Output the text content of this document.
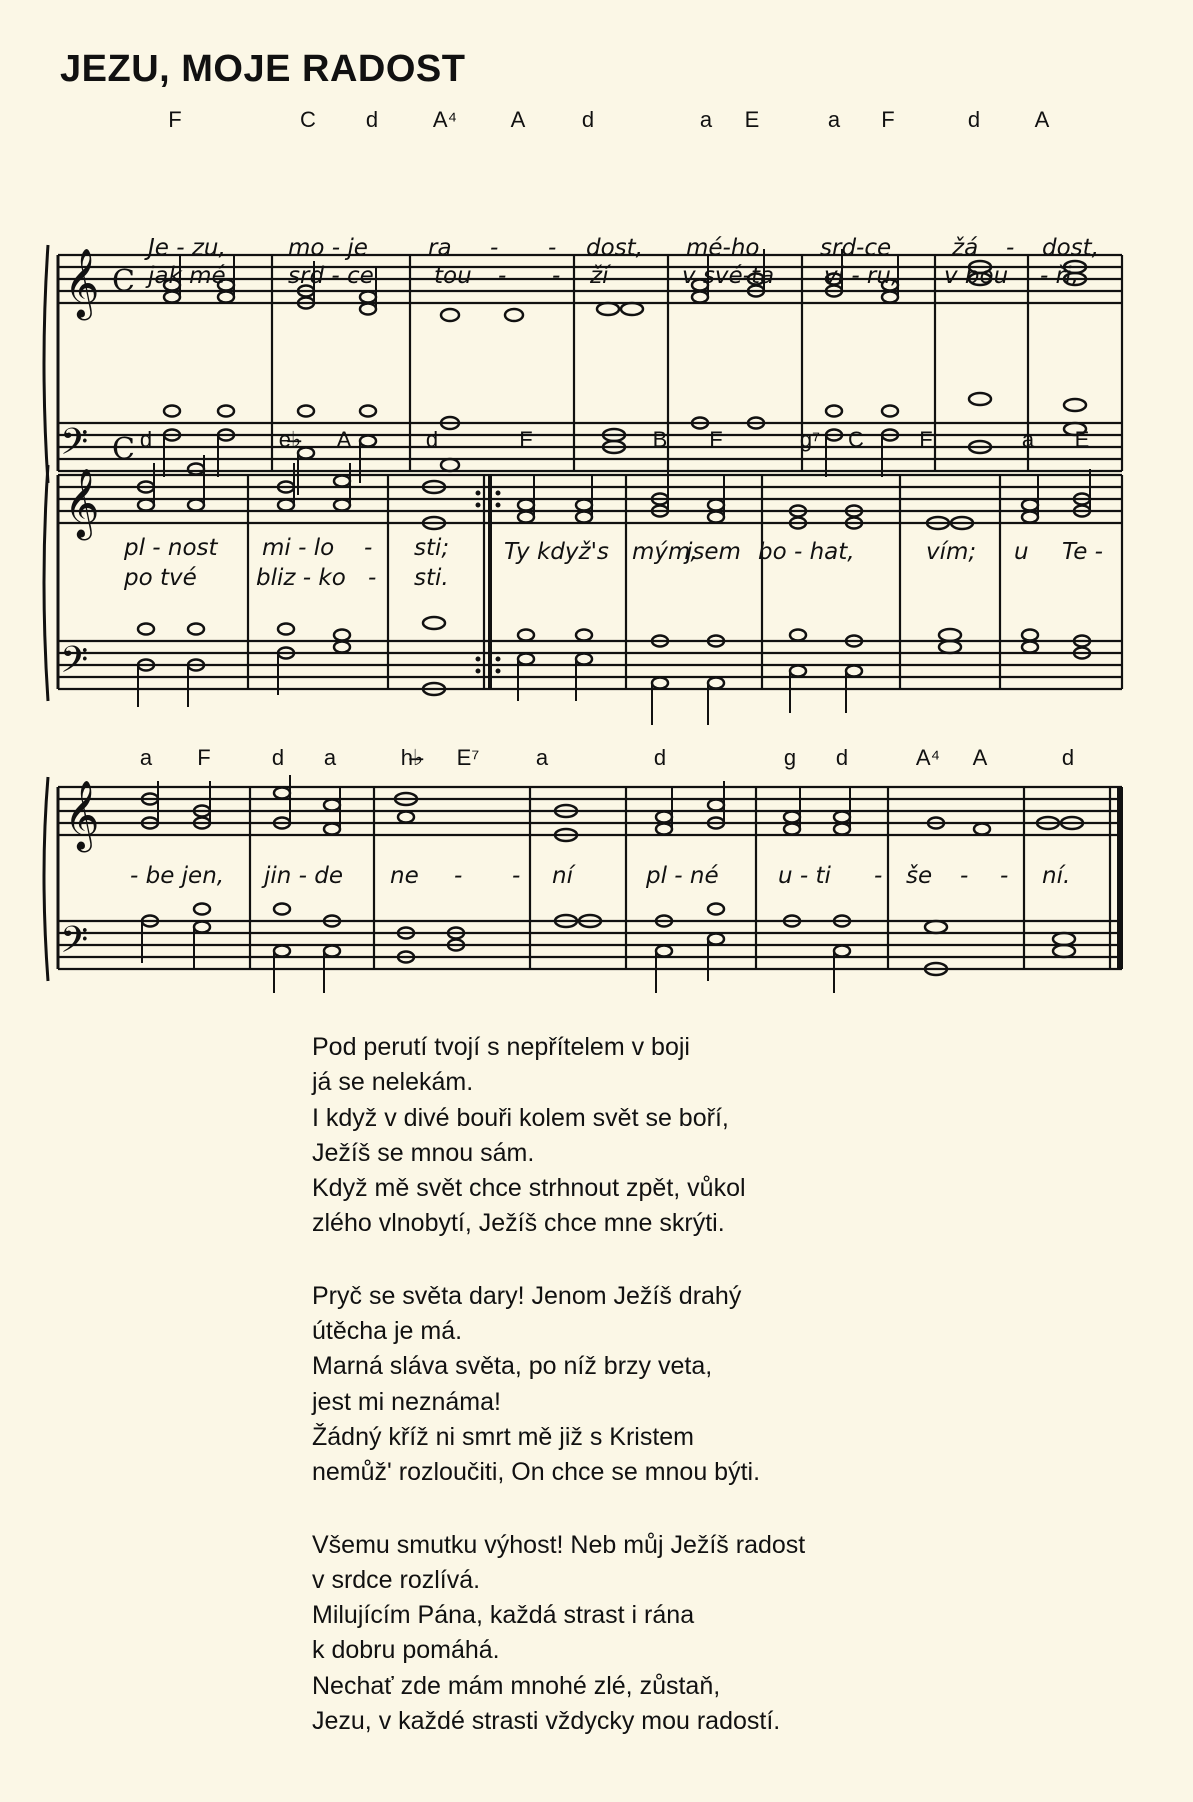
JEZU, MOJE RADOST
𝄞 C
𝄢 C
F	C d A⁴ A	d	a E	a F	d A
Je - zu,	mo - je	ra - - dost, mé-ho	srd-ce	žá - dost,
jak mé	srd - ce	tou - - ží	v své-ta vi - ru, v bou - ři,
𝄞
𝄢
d	e♭̶ A	d	F	B F	g⁷ C	F	a E
pl - nost mi - lo - sti; Ty když's mým,
jsem bo - hat,	vím; u Te -
po tvé	bliz - ko - sti.
𝄞
𝄢
a F	d a	h♭̶ E⁷	a	d	g d	A⁴ A	d
- be jen, jin - de ne - - ní	pl - né	u - ti - še - - ní.
Pod perutí tvojí s nepřítelem v boji
já se nelekám.
I když v divé bouři kolem svět se boří,
Ježíš se mnou sám.
Když mě svět chce strhnout zpět, vůkol
zlého vlnobytí, Ježíš chce mne skrýti.
Pryč se světa dary! Jenom Ježíš drahý
útěcha je má.
Marná sláva světa, po níž brzy veta,
jest mi neznáma!
Žádný kříž ni smrt mě již s Kristem
nemůž' rozloučiti, On chce se mnou býti.
Všemu smutku výhost! Neb můj Ježíš radost
v srdce rozlívá.
Milujícím Pána, každá strast i rána
k dobru pomáhá.
Nechať zde mám mnohé zlé, zůstaň,
Jezu, v každé strasti vždycky mou radostí.
